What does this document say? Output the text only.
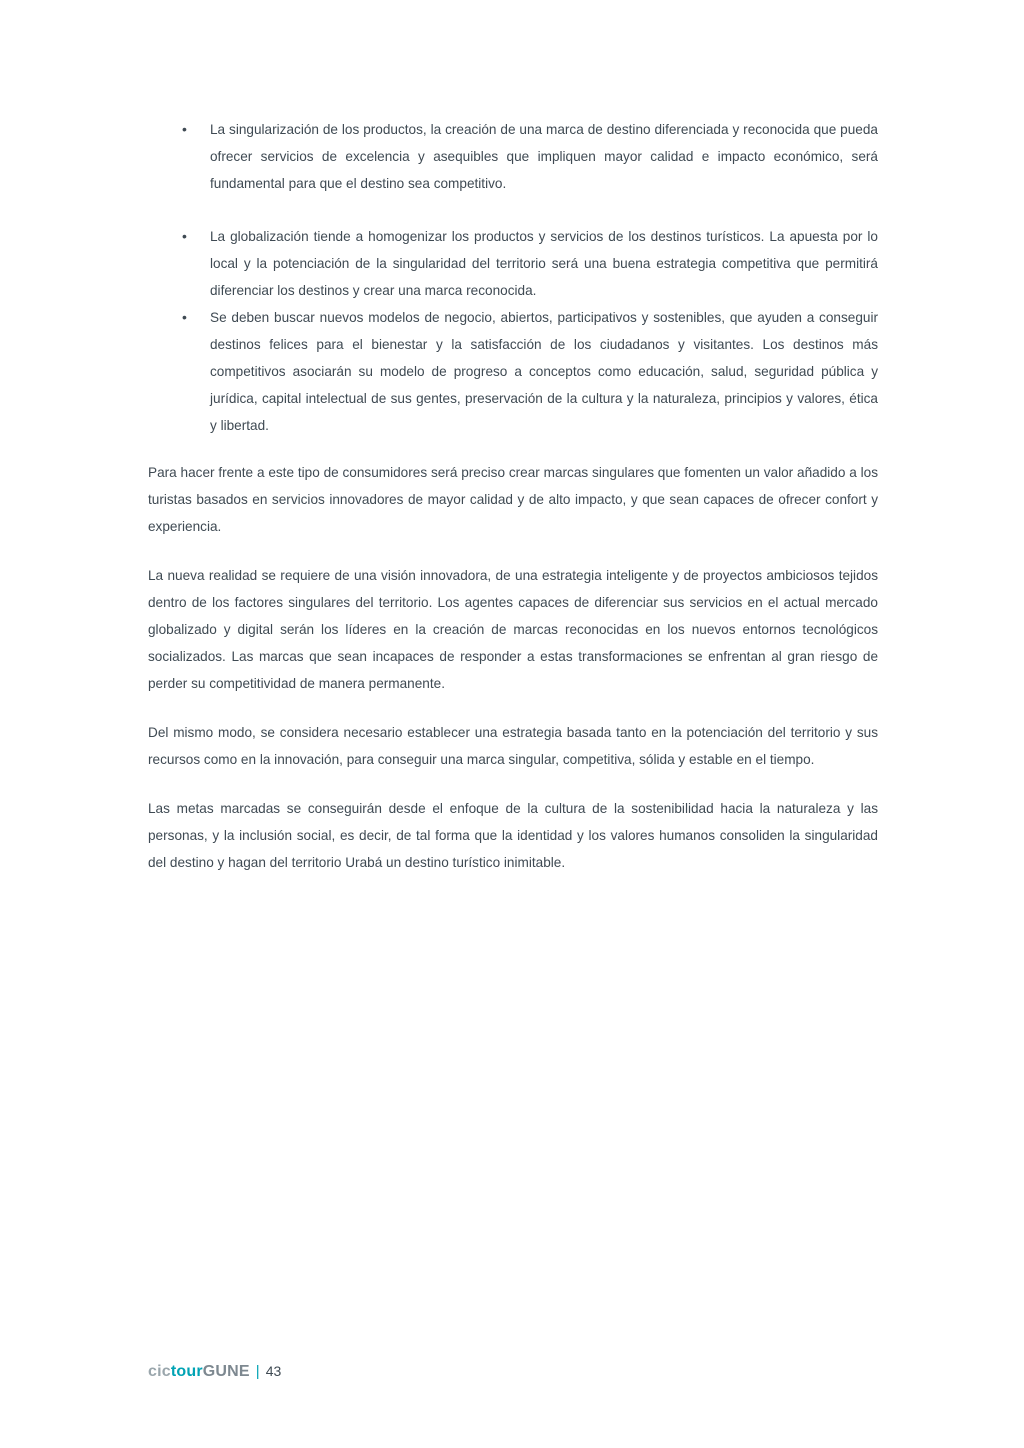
• La singularización de los productos, la creación de una marca de destino diferenciada y reconocida que pueda ofrecer servicios de excelencia y asequibles que impliquen mayor calidad e impacto económico, será fundamental para que el destino sea competitivo.
• La globalización tiende a homogenizar los productos y servicios de los destinos turísticos. La apuesta por lo local y la potenciación de la singularidad del territorio será una buena estrategia competitiva que permitirá diferenciar los destinos y crear una marca reconocida.
• Se deben buscar nuevos modelos de negocio, abiertos, participativos y sostenibles, que ayuden a conseguir destinos felices para el bienestar y la satisfacción de los ciudadanos y visitantes. Los destinos más competitivos asociarán su modelo de progreso a conceptos como educación, salud, seguridad pública y jurídica, capital intelectual de sus gentes, preservación de la cultura y la naturaleza, principios y valores, ética y libertad.

Para hacer frente a este tipo de consumidores será preciso crear marcas singulares que fomenten un valor añadido a los turistas basados en servicios innovadores de mayor calidad y de alto impacto, y que sean capaces de ofrecer confort y experiencia.

La nueva realidad se requiere de una visión innovadora, de una estrategia inteligente y de proyectos ambiciosos tejidos dentro de los factores singulares del territorio. Los agentes capaces de diferenciar sus servicios en el actual mercado globalizado y digital serán los líderes en la creación de marcas reconocidas en los nuevos entornos tecnológicos socializados. Las marcas que sean incapaces de responder a estas transformaciones se enfrentan al gran riesgo de perder su competitividad de manera permanente.

Del mismo modo, se considera necesario establecer una estrategia basada tanto en la potenciación del territorio y sus recursos como en la innovación, para conseguir una marca singular, competitiva, sólida y estable en el tiempo.

Las metas marcadas se conseguirán desde el enfoque de la cultura de la sostenibilidad hacia la naturaleza y las personas, y la inclusión social, es decir, de tal forma que la identidad y los valores humanos consoliden la singularidad del destino y hagan del territorio Urabá un destino turístico inimitable.

cictourGUNE | 43
